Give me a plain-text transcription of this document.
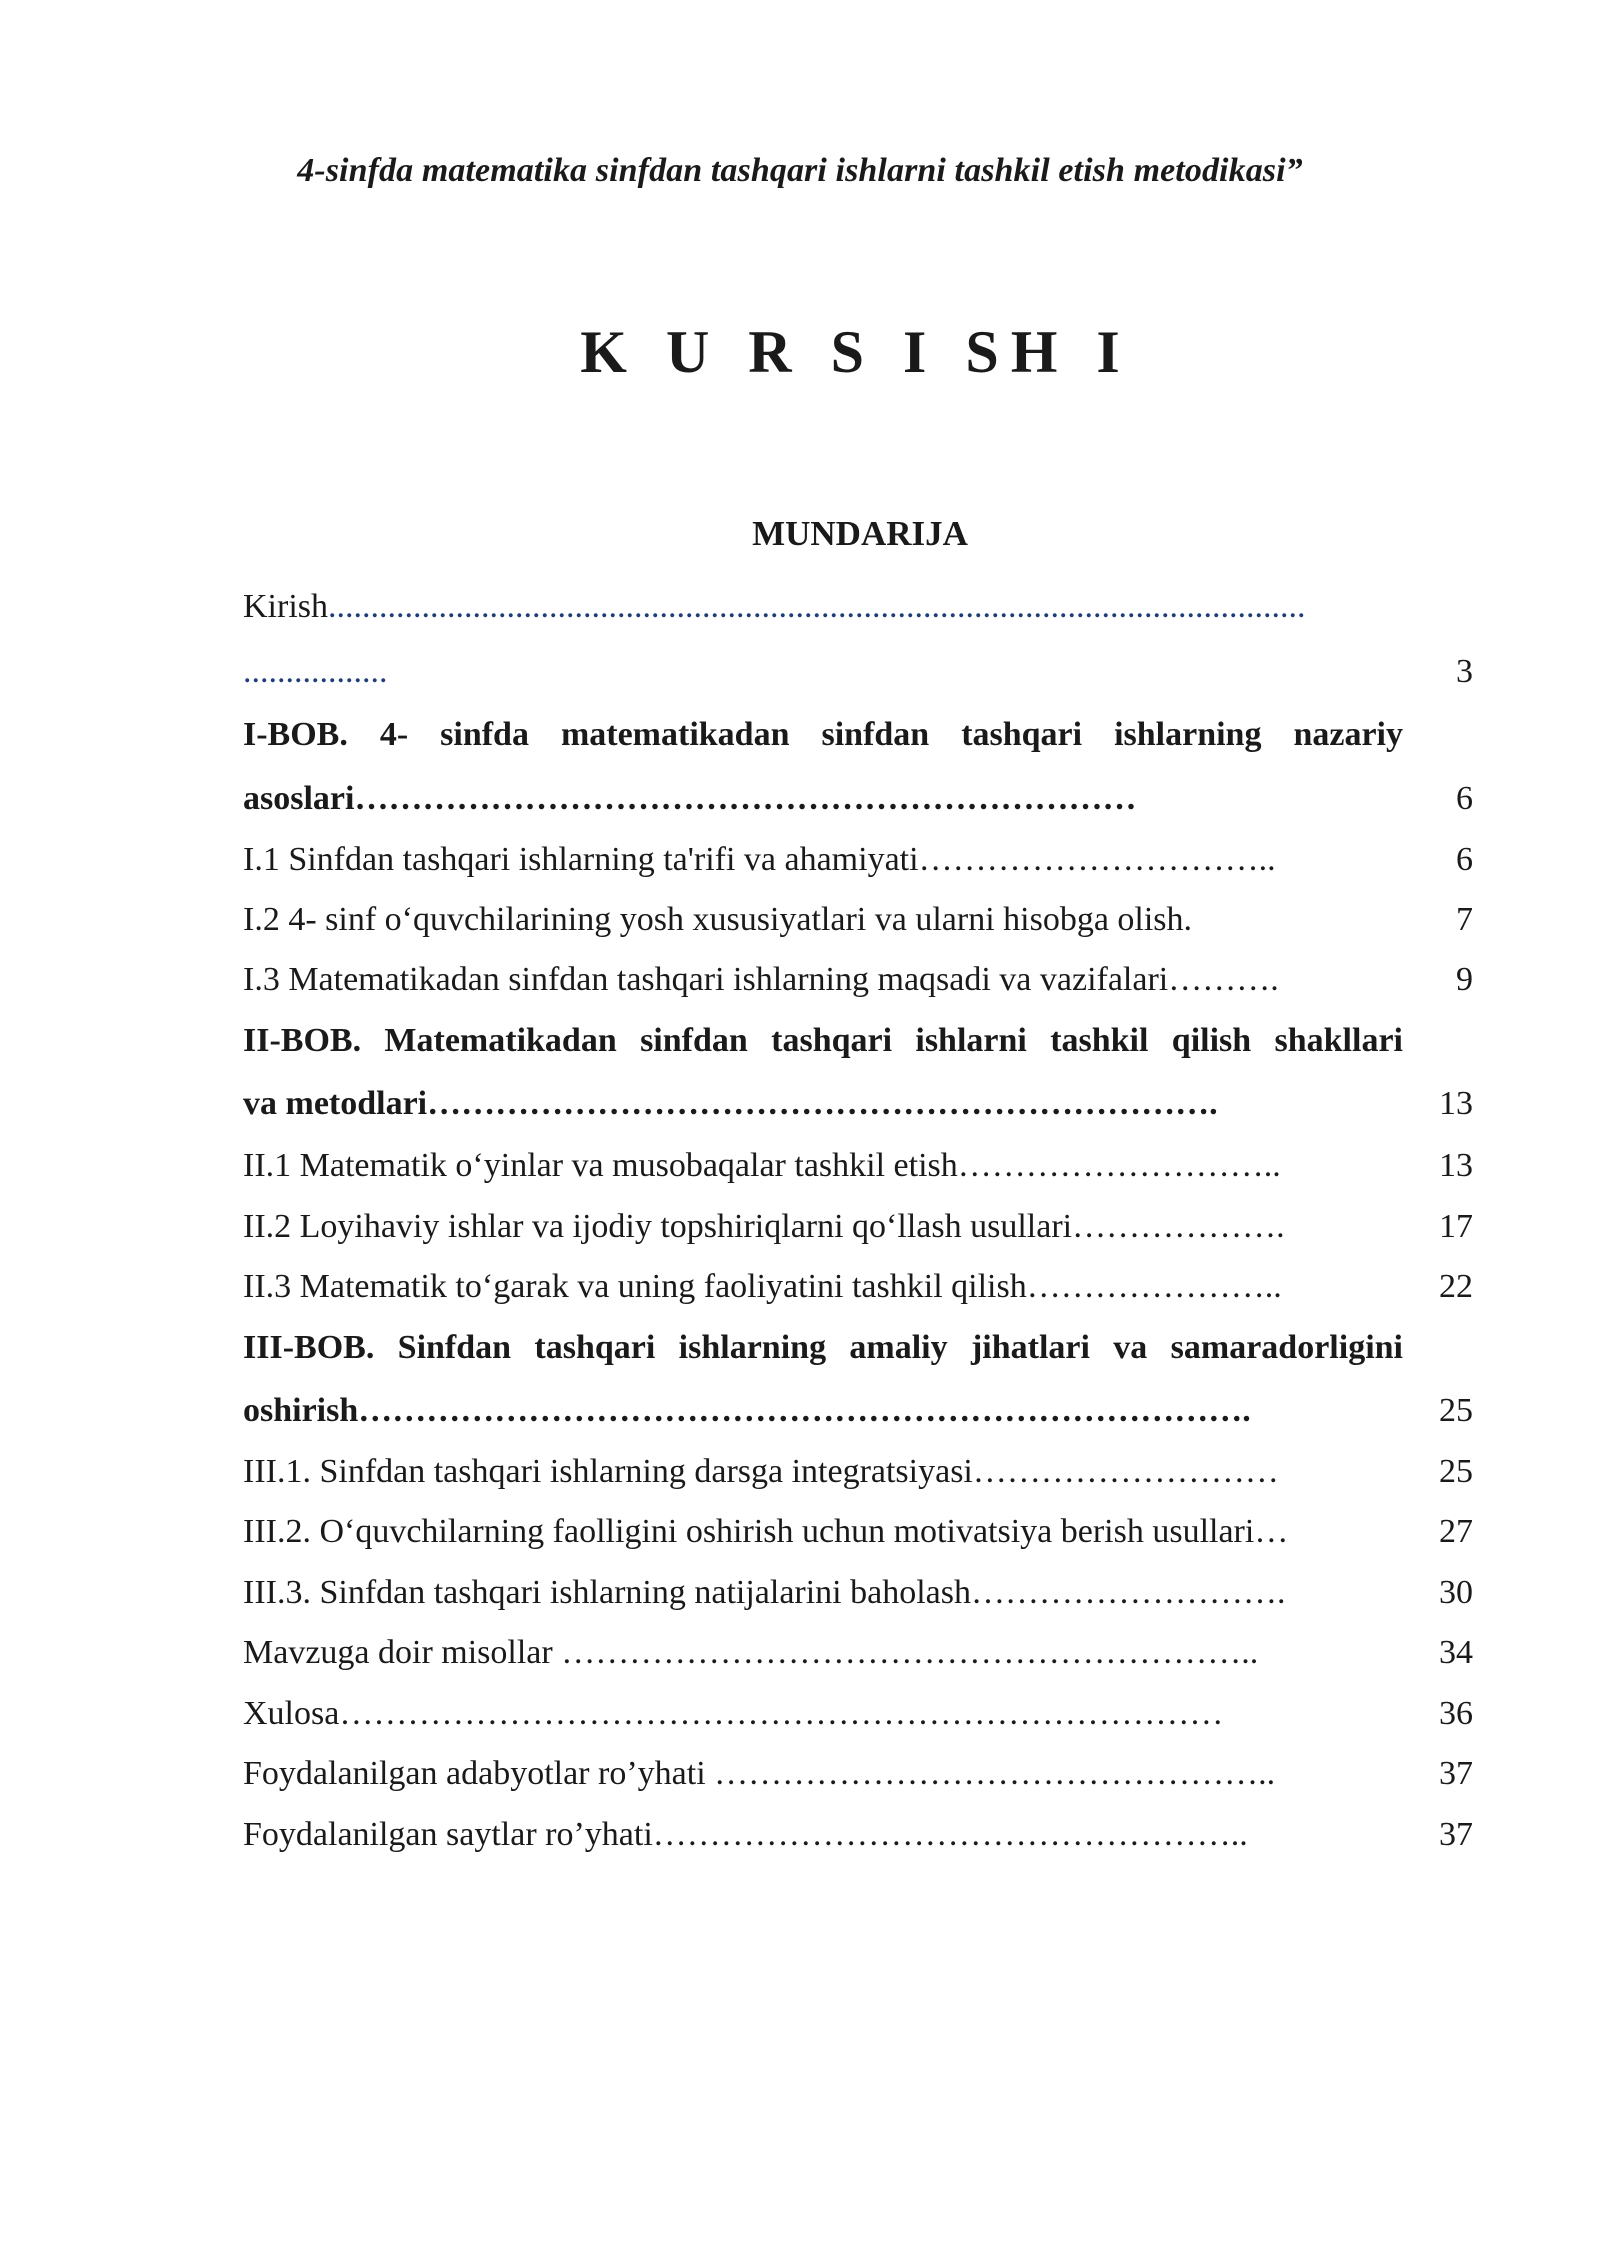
4-sinfda matematika sinfdan tashqari ishlarni tashkil etish metodikasi”
K U R S I SH I
MUNDARIJA
Kirish...................................................................................................................
.................	3
I-BOB. 4- sinfda matematikadan sinfdan tashqari ishlarning nazariy
asoslari……………………………………………………………	6
I.1 Sinfdan tashqari ishlarning ta'rifi va ahamiyati…………………………..	6
I.2 4- sinf o‘quvchilarining yosh xususiyatlari va ularni hisobga olish.	7
I.3 Matematikadan sinfdan tashqari ishlarning maqsadi va vazifalari……….	9
II-BOB. Matematikadan sinfdan tashqari ishlarni tashkil qilish shakllari
va metodlari…………………………………………………………….	13
II.1 Matematik o‘yinlar va musobaqalar tashkil etish………………………..	13
II.2 Loyihaviy ishlar va ijodiy topshiriqlarni qo‘llash usullari……………….	17
II.3 Matematik to‘garak va uning faoliyatini tashkil qilish…………………..	22
III-BOB. Sinfdan tashqari ishlarning amaliy jihatlari va samaradorligini
oshirish…………………………………………………………………….	25
III.1. Sinfdan tashqari ishlarning darsga integratsiyasi………………………	25
III.2. O‘quvchilarning faolligini oshirish uchun motivatsiya berish usullari…	27
III.3. Sinfdan tashqari ishlarning natijalarini baholash……………………….	30
Mavzuga doir misollar ……………………………………………………..	34
Xulosa……………………………………………………………………	36
Foydalanilgan adabyotlar ro’yhati …………………………………………..	37
Foydalanilgan saytlar ro’yhati……………………………………………..	37
